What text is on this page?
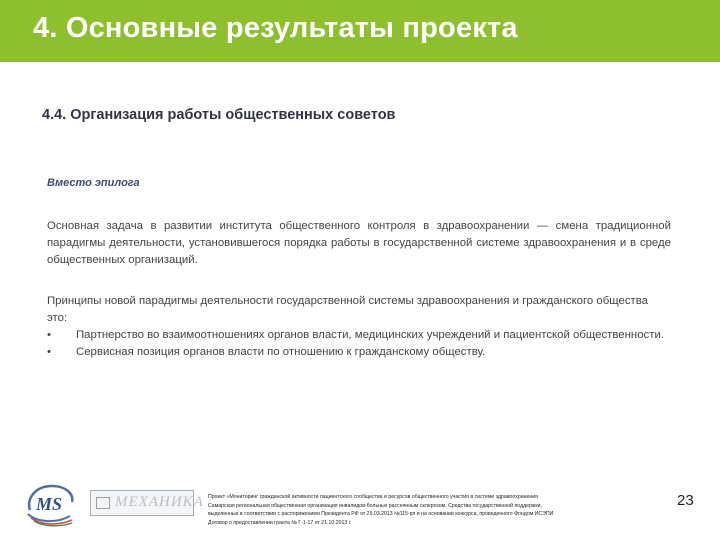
4. Основные результаты проекта
4.4. Организация работы общественных советов
Вместо эпилога
Основная задача в развитии института общественного контроля в здравоохранении — смена традиционной парадигмы деятельности, установившегося порядка работы в государственной системе здравоохранения и в среде общественных организаций.
Принципы новой парадигмы деятельности государственной системы здравоохранения и гражданского общества это:
• Партнерство во взаимоотношениях органов власти, медицинских учреждений и пациентской общественности.
• Сервисная позиция органов власти по отношению к гражданскому обществу.
MS	МЕХАНИКА Проект «Мониторинг гражданской активности пациентского сообщества и ресурсов общественного участия в системе здравоохранения
Самарская региональная общественная организация инвалидов-больных рассеянным склерозом. Средства государственной поддержки,
выделенные в соответствии с распоряжением Президента РФ от 29.03.2013 №115-рп и на основании конкурса, проведенного Фондом ИСЭПИ.
Договор о предоставлении гранта № Г-1-17 от 21.10.2013 г.
23
